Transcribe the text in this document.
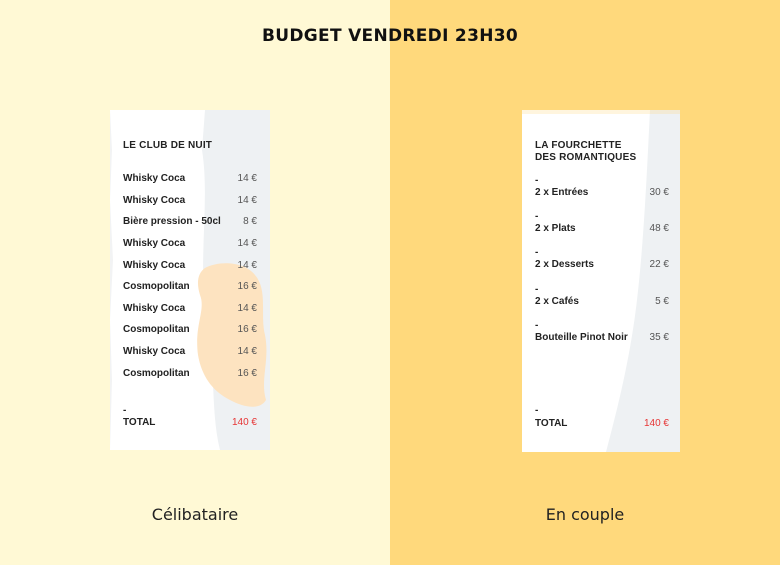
BUDGET VENDREDI 23H30
LE CLUB DE NUIT
Whisky Coca	14 €
Whisky Coca	14 €
Bière pression - 50cl 8 €
Whisky Coca	14 €
Whisky Coca	14 €
Cosmopolitan	16 €
Whisky Coca	14 €
Cosmopolitan	16 €
Whisky Coca	14 €
Cosmopolitan	16 €
-
TOTAL	140 €
LA FOURCHETTE
DES ROMANTIQUES
-
2 x Entrées	30 €
-
2 x Plats	48 €
-
2 x Desserts	22 €
-
2 x Cafés	5 €
-
Bouteille Pinot Noir 35 €
-
TOTAL	140 €
Célibataire	En couple
